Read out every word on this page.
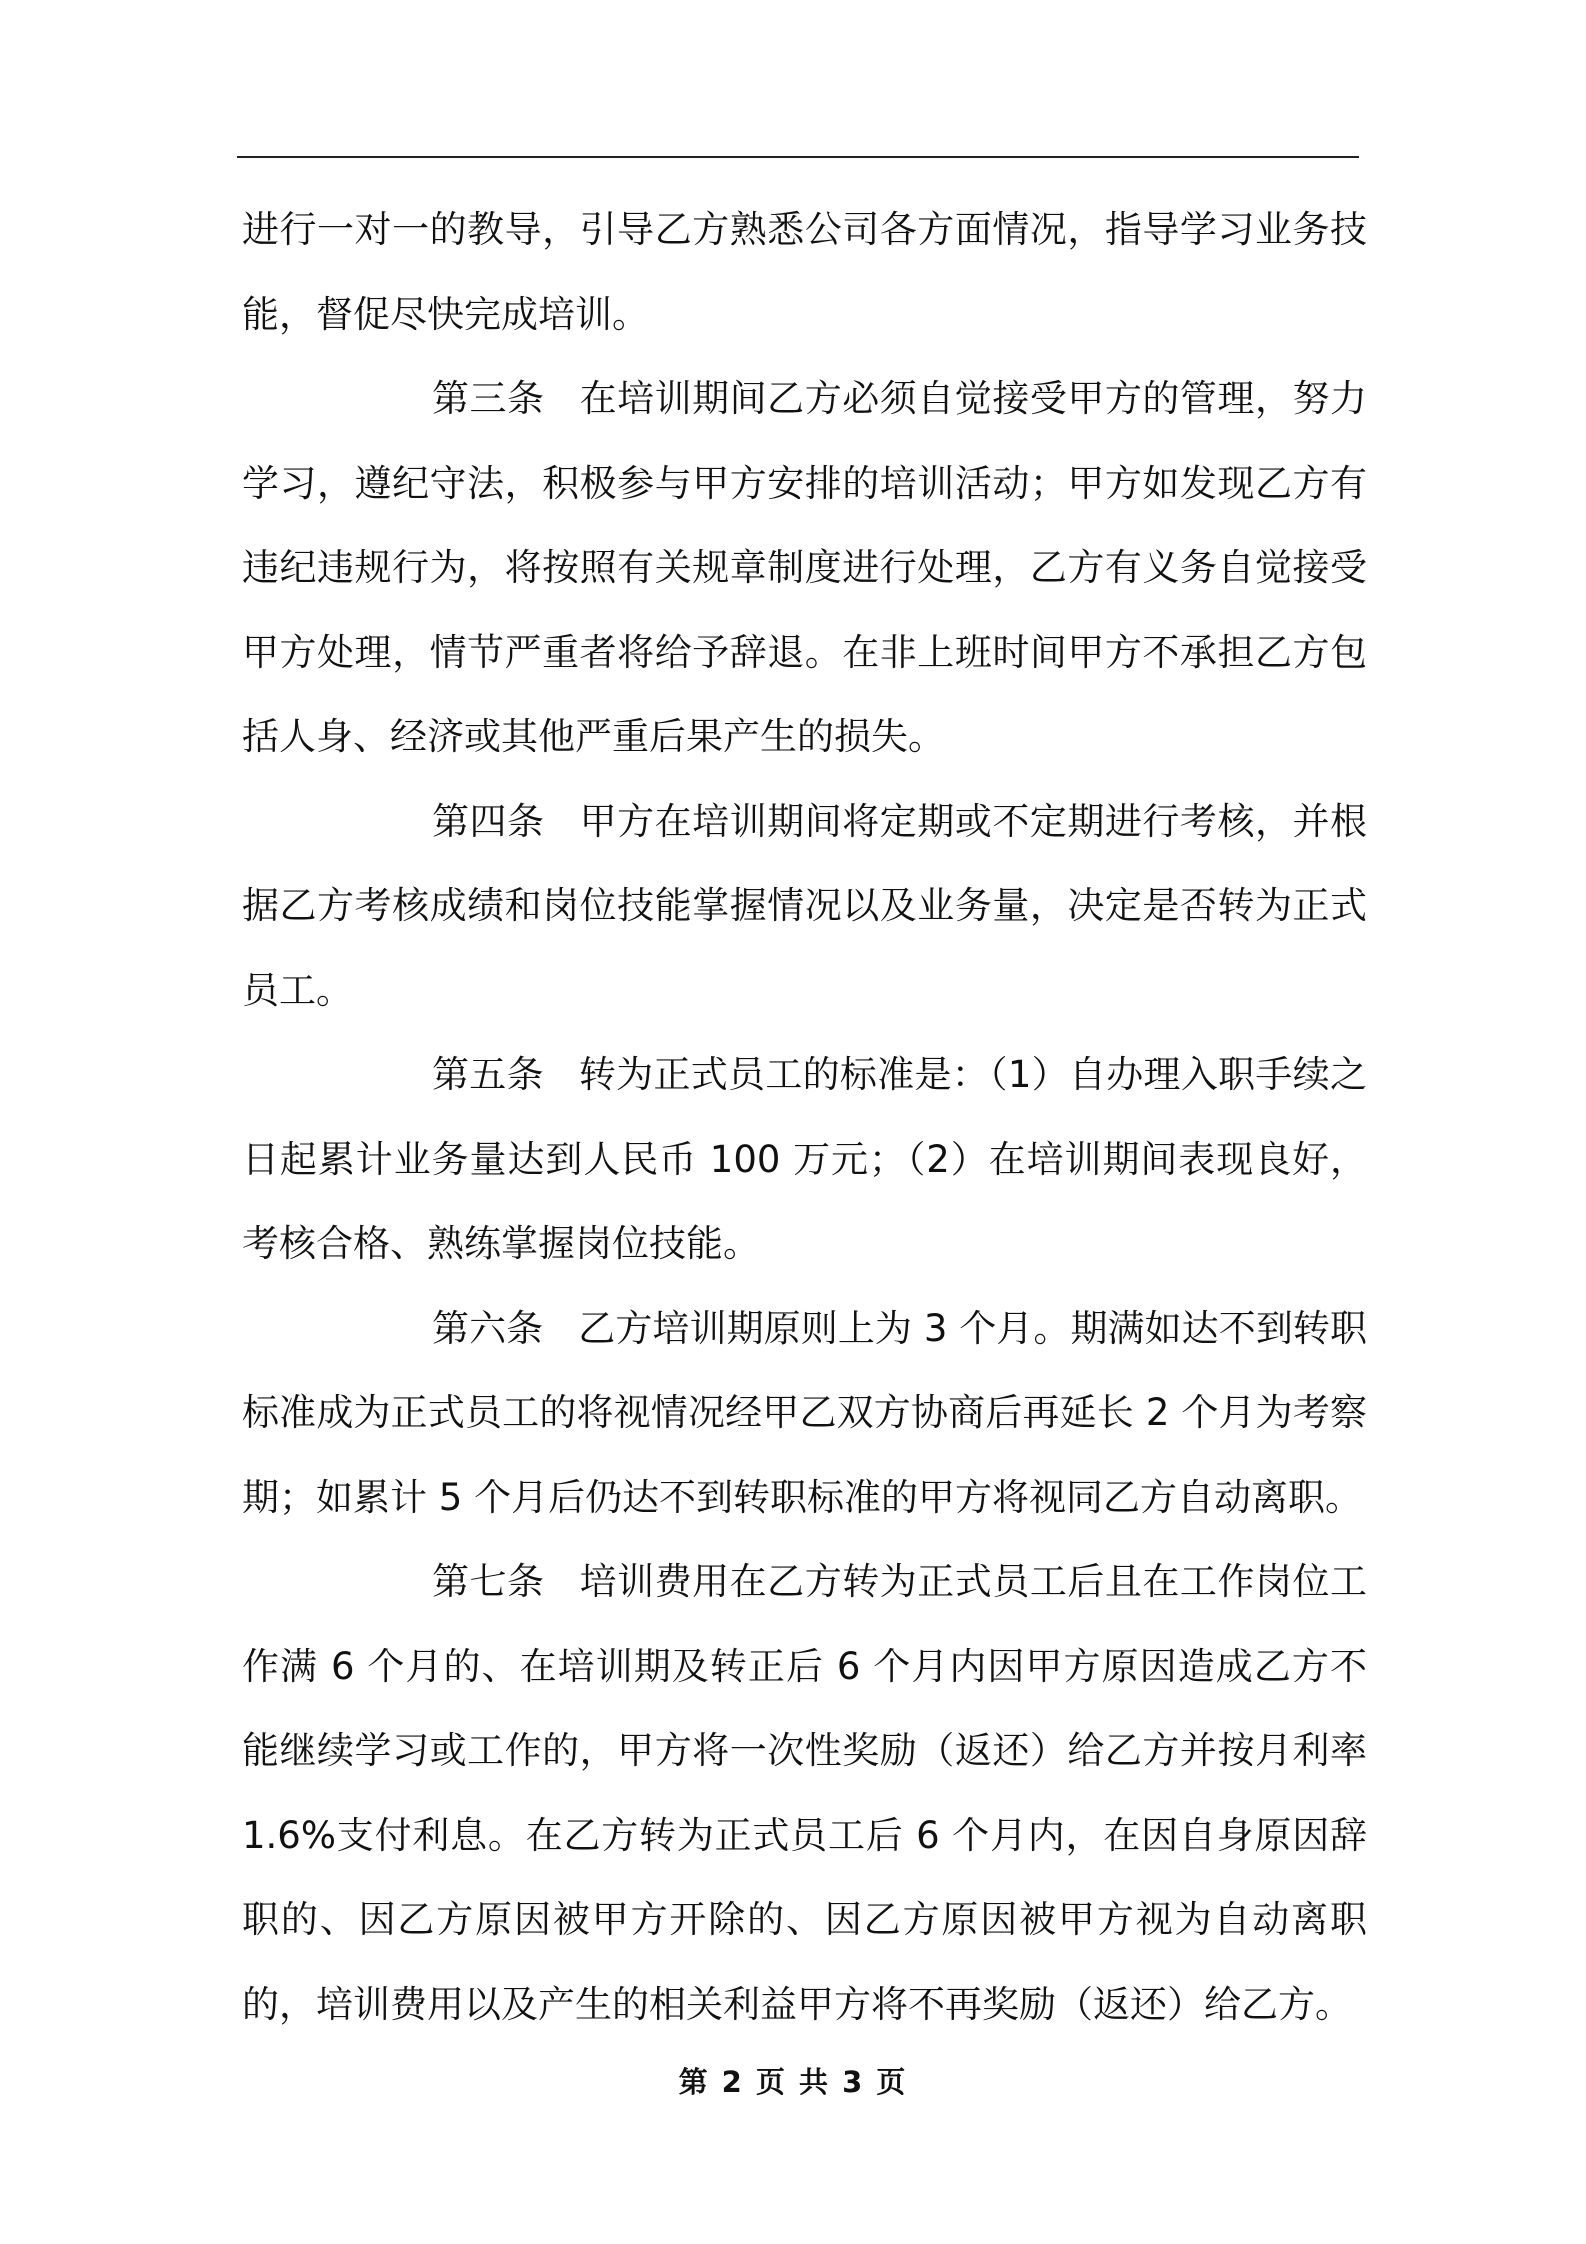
进行一对一的教导，引导乙方熟悉公司各方面情况，指导学习业务技能，督促尽快完成培训。

第三条 在培训期间乙方必须自觉接受甲方的管理，努力学习，遵纪守法，积极参与甲方安排的培训活动；甲方如发现乙方有违纪违规行为，将按照有关规章制度进行处理，乙方有义务自觉接受甲方处理，情节严重者将给予辞退。在非上班时间甲方不承担乙方包括人身、经济或其他严重后果产生的损失。

第四条 甲方在培训期间将定期或不定期进行考核，并根据乙方考核成绩和岗位技能掌握情况以及业务量，决定是否转为正式员工。

第五条 转为正式员工的标准是：（1）自办理入职手续之日起累计业务量达到人民币 100 万元；（2）在培训期间表现良好，考核合格、熟练掌握岗位技能。

第六条 乙方培训期原则上为 3 个月。期满如达不到转职标准成为正式员工的将视情况经甲乙双方协商后再延长 2 个月为考察期；如累计 5 个月后仍达不到转职标准的甲方将视同乙方自动离职。

第七条 培训费用在乙方转为正式员工后且在工作岗位工作满 6 个月的、在培训期及转正后 6 个月内因甲方原因造成乙方不能继续学习或工作的，甲方将一次性奖励（返还）给乙方并按月利率 1.6%支付利息。在乙方转为正式员工后 6 个月内，在因自身原因辞职的、因乙方原因被甲方开除的、因乙方原因被甲方视为自动离职的，培训费用以及产生的相关利益甲方将不再奖励（返还）给乙方。

第 2 页 共 3 页
